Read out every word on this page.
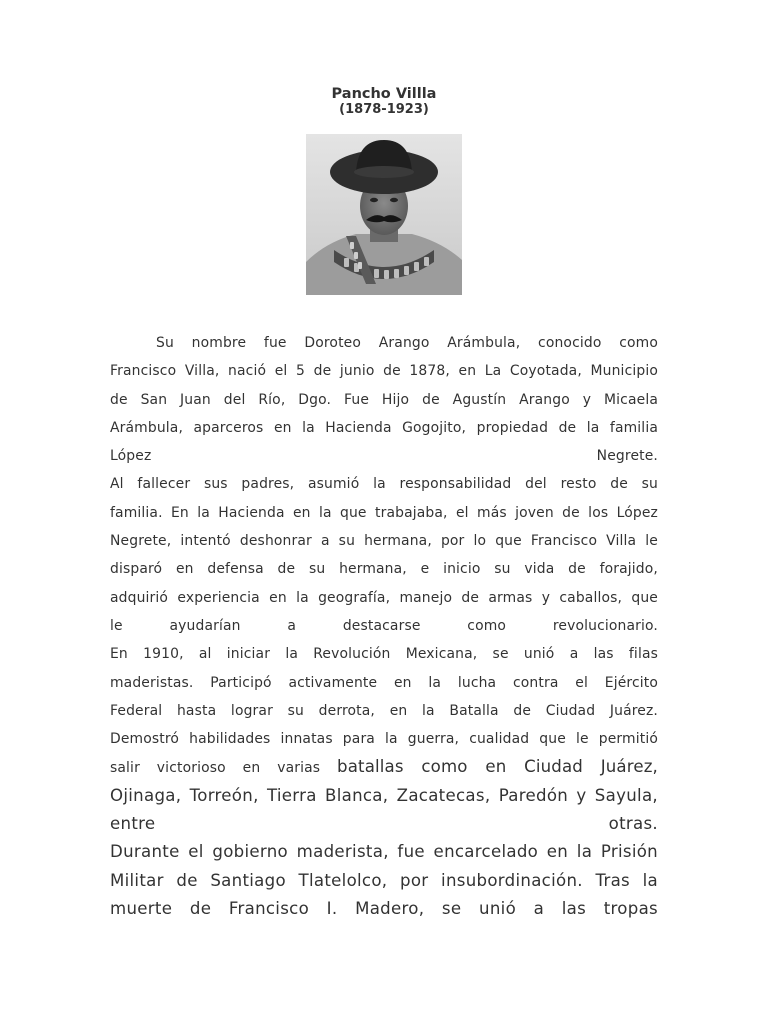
Pancho Villla
(1878-1923)
Su nombre fue Doroteo Arango Arámbula, conocido como
Francisco Villa, nació el 5 de junio de 1878, en La Coyotada, Municipio
de San Juan del Río, Dgo. Fue Hijo de Agustín Arango y Micaela
Arámbula, aparceros en la Hacienda Gogojito, propiedad de la familia
López Negrete.
Al fallecer sus padres, asumió la responsabilidad del resto de su
familia. En la Hacienda en la que trabajaba, el más joven de los López
Negrete, intentó deshonrar a su hermana, por lo que Francisco Villa le
disparó en defensa de su hermana, e inicio su vida de forajido,
adquirió experiencia en la geografía, manejo de armas y caballos, que
le ayudarían a destacarse como revolucionario.
En 1910, al iniciar la Revolución Mexicana, se unió a las filas
maderistas. Participó activamente en la lucha contra el Ejército
Federal hasta lograr su derrota, en la Batalla de Ciudad Juárez.
Demostró habilidades innatas para la guerra, cualidad que le permitió
salir victorioso en varias batallas como en Ciudad Juárez,
Ojinaga, Torreón, Tierra Blanca, Zacatecas, Paredón y Sayula,
entre otras.
Durante el gobierno maderista, fue encarcelado en la Prisión
Militar de Santiago Tlatelolco, por insubordinación. Tras la
muerte de Francisco I. Madero, se unió a las tropas
